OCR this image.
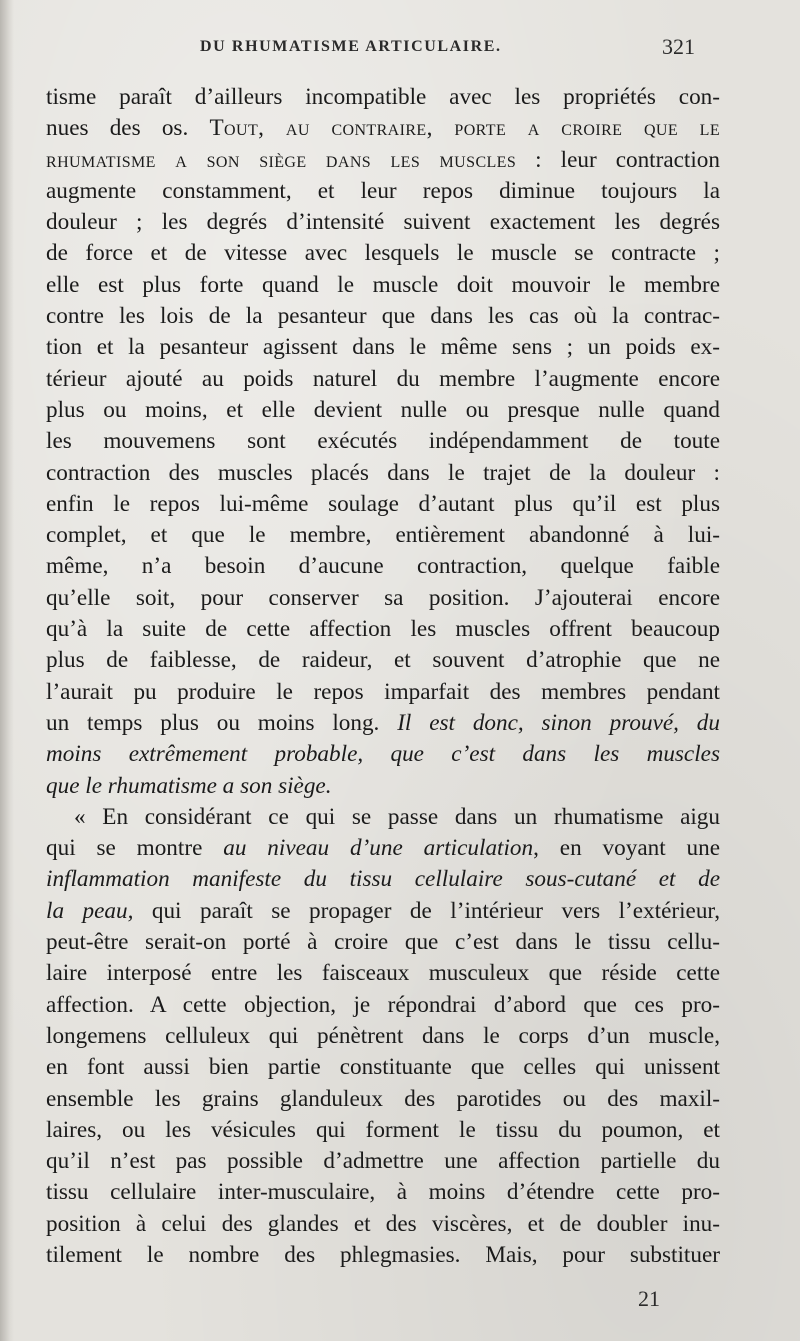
DU RHUMATISME ARTICULAIRE.	321
tisme paraît d’ailleurs incompatible avec les propriétés con-
nues des os. Tout, au contraire, porte a croire que le
rhumatisme a son siège dans les muscles : leur contraction
augmente constamment, et leur repos diminue toujours la
douleur ; les degrés d’intensité suivent exactement les degrés
de force et de vitesse avec lesquels le muscle se contracte ;
elle est plus forte quand le muscle doit mouvoir le membre
contre les lois de la pesanteur que dans les cas où la contrac-
tion et la pesanteur agissent dans le même sens ; un poids ex-
térieur ajouté au poids naturel du membre l’augmente encore
plus ou moins, et elle devient nulle ou presque nulle quand
les mouvemens sont exécutés indépendamment de toute
contraction des muscles placés dans le trajet de la douleur :
enfin le repos lui-même soulage d’autant plus qu’il est plus
complet, et que le membre, entièrement abandonné à lui-
même, n’a besoin d’aucune contraction, quelque faible
qu’elle soit, pour conserver sa position. J’ajouterai encore
qu’à la suite de cette affection les muscles offrent beaucoup
plus de faiblesse, de raideur, et souvent d’atrophie que ne
l’aurait pu produire le repos imparfait des membres pendant
un temps plus ou moins long. Il est donc, sinon prouvé, du
moins extrêmement probable, que c’est dans les muscles
que le rhumatisme a son siège.
« En considérant ce qui se passe dans un rhumatisme aigu
qui se montre au niveau d’une articulation, en voyant une
inflammation manifeste du tissu cellulaire sous-cutané et de
la peau, qui paraît se propager de l’intérieur vers l’extérieur,
peut-être serait-on porté à croire que c’est dans le tissu cellu-
laire interposé entre les faisceaux musculeux que réside cette
affection. A cette objection, je répondrai d’abord que ces pro-
longemens celluleux qui pénètrent dans le corps d’un muscle,
en font aussi bien partie constituante que celles qui unissent
ensemble les grains glanduleux des parotides ou des maxil-
laires, ou les vésicules qui forment le tissu du poumon, et
qu’il n’est pas possible d’admettre une affection partielle du
tissu cellulaire inter-musculaire, à moins d’étendre cette pro-
position à celui des glandes et des viscères, et de doubler inu-
tilement le nombre des phlegmasies. Mais, pour substituer
21
